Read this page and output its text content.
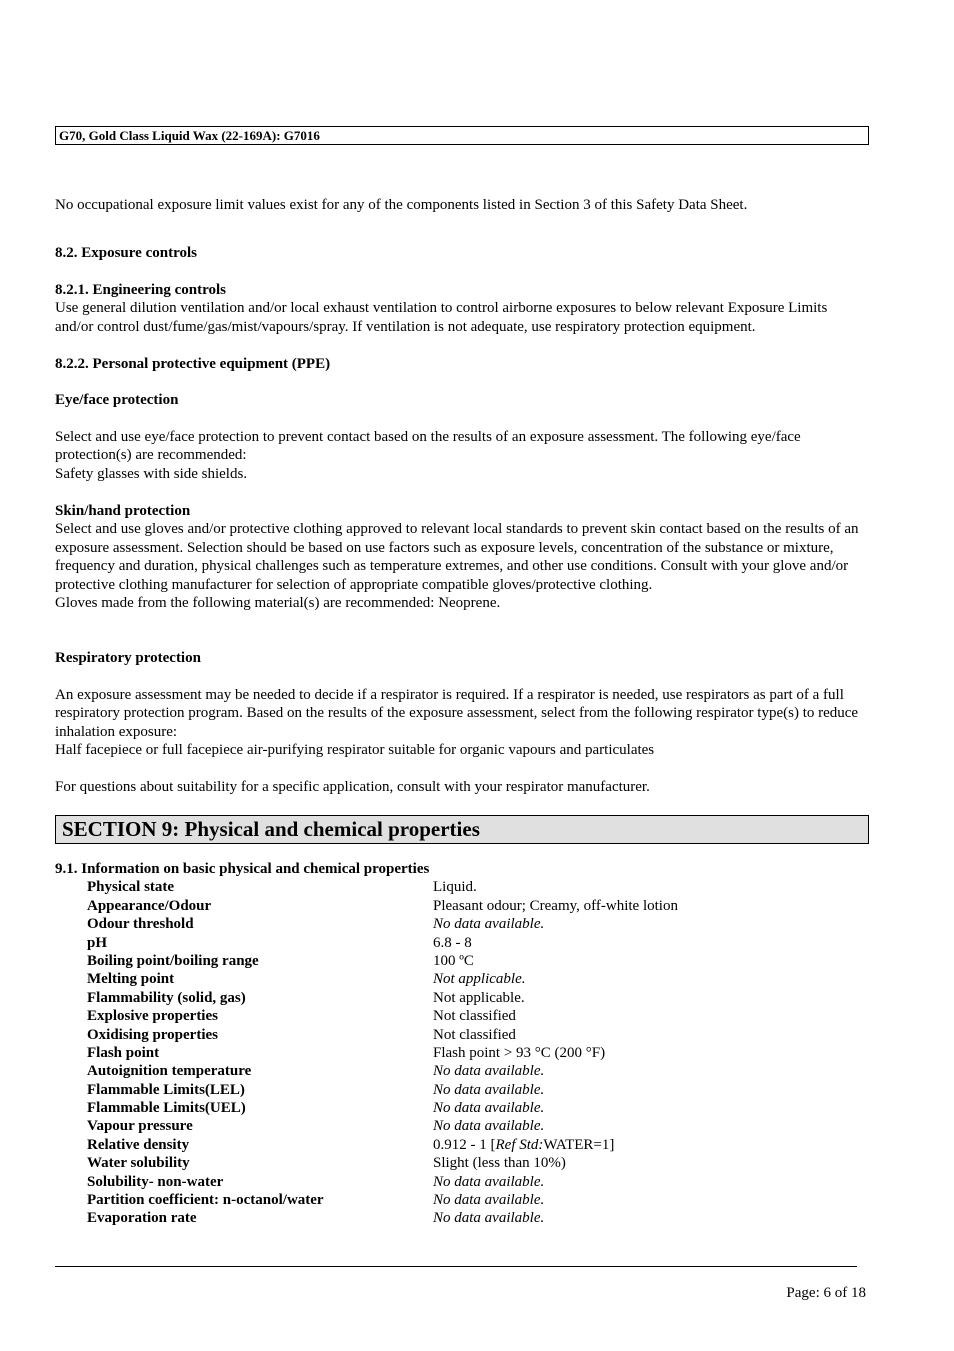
G70, Gold Class Liquid Wax (22-169A): G7016
No occupational exposure limit values exist for any of the components listed in Section 3 of this Safety Data Sheet.
8.2. Exposure controls
8.2.1. Engineering controls
Use general dilution ventilation and/or local exhaust ventilation to control airborne exposures to below relevant Exposure Limits and/or control dust/fume/gas/mist/vapours/spray. If ventilation is not adequate, use respiratory protection equipment.
8.2.2. Personal protective equipment (PPE)
Eye/face protection
Select and use eye/face protection to prevent contact based on the results of an exposure assessment. The following eye/face protection(s) are recommended:
Safety glasses with side shields.
Skin/hand protection
Select and use gloves and/or protective clothing approved to relevant local standards to prevent skin contact based on the results of an exposure assessment. Selection should be based on use factors such as exposure levels, concentration of the substance or mixture, frequency and duration, physical challenges such as temperature extremes, and other use conditions. Consult with your glove and/or protective clothing manufacturer for selection of appropriate compatible gloves/protective clothing.
Gloves made from the following material(s) are recommended: Neoprene.
Respiratory protection
An exposure assessment may be needed to decide if a respirator is required. If a respirator is needed, use respirators as part of a full respiratory protection program. Based on the results of the exposure assessment, select from the following respirator type(s) to reduce inhalation exposure:
Half facepiece or full facepiece air-purifying respirator suitable for organic vapours and particulates
For questions about suitability for a specific application, consult with your respirator manufacturer.
SECTION 9: Physical and chemical properties
9.1. Information on basic physical and chemical properties
Physical state	Liquid.
Appearance/Odour	Pleasant odour; Creamy, off-white lotion
Odour threshold	No data available.
pH	6.8 - 8
Boiling point/boiling range	100 ºC
Melting point	Not applicable.
Flammability (solid, gas)	Not applicable.
Explosive properties	Not classified
Oxidising properties	Not classified
Flash point	Flash point > 93 °C (200 °F)
Autoignition temperature	No data available.
Flammable Limits(LEL)	No data available.
Flammable Limits(UEL)	No data available.
Vapour pressure	No data available.
Relative density	0.912 - 1 [Ref Std:WATER=1]
Water solubility	Slight (less than 10%)
Solubility- non-water	No data available.
Partition coefficient: n-octanol/water	No data available.
Evaporation rate	No data available.
Page: 6 of 18
